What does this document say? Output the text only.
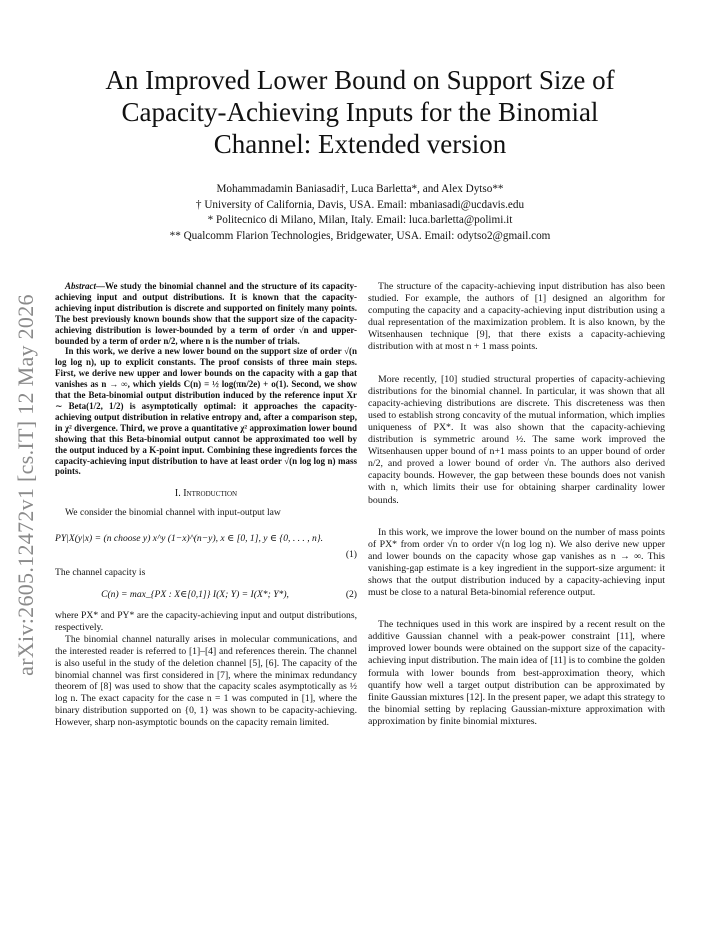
arXiv:2605.12472v1 [cs.IT] 12 May 2026
An Improved Lower Bound on Support Size of Capacity-Achieving Inputs for the Binomial Channel: Extended version
Mohammadamin Baniasadi†, Luca Barletta*, and Alex Dytso**
† University of California, Davis, USA. Email: mbaniasadi@ucdavis.edu
* Politecnico di Milano, Milan, Italy. Email: luca.barletta@polimi.it
** Qualcomm Flarion Technologies, Bridgewater, USA. Email: odytso2@gmail.com

Abstract—We study the binomial channel and the structure of its capacity-achieving input and output distributions. It is known that the capacity-achieving input distribution is discrete and supported on finitely many points. The best previously known bounds show that the support size of the capacity-achieving distribution is lower-bounded by a term of order √n and upper-bounded by a term of order n/2, where n is the number of trials.

In this work, we derive a new lower bound on the support size of order √(n log log n), up to explicit constants. The proof consists of three main steps. First, we derive new upper and lower bounds on the capacity with a gap that vanishes as n → ∞, which yields C(n) = ½ log(πn/2e) + o(1). Second, we show that the Beta-binomial output distribution induced by the reference input Xr ∼ Beta(1/2, 1/2) is asymptotically optimal: it approaches the capacity-achieving output distribution in relative entropy and, after a comparison step, in χ² divergence. Third, we prove a quantitative χ² approximation lower bound showing that this Beta-binomial output cannot be approximated too well by the output induced by a K-point input. Combining these ingredients forces the capacity-achieving input distribution to have at least order √(n log log n) mass points.

I. Introduction

We consider the binomial channel with input-output law

PY|X(y|x) = (n choose y) x^y (1−x)^(n−y), x ∈ [0, 1], y ∈ {0, . . . , n}.
(1)

The channel capacity is

C(n) = max_{PX : X∈[0,1]} I(X; Y) = I(X*; Y*),	(2)

where PX* and PY* are the capacity-achieving input and output distributions, respectively.

The binomial channel naturally arises in molecular communications, and the interested reader is referred to [1]–[4] and references therein. The channel is also useful in the study of the deletion channel [5], [6]. The capacity of the binomial channel was first considered in [7], where the minimax redundancy theorem of [8] was used to show that the capacity scales asymptotically as ½ log n. The exact capacity for the case n = 1 was computed in [1], where the binary distribution supported on {0, 1} was shown to be capacity-achieving. However, sharp non-asymptotic bounds on the capacity remain limited.

The structure of the capacity-achieving input distribution has also been studied. For example, the authors of [1] designed an algorithm for computing the capacity and a capacity-achieving input distribution using a dual representation of the maximization problem. It is also known, by the Witsenhausen technique [9], that there exists a capacity-achieving distribution with at most n + 1 mass points.

More recently, [10] studied structural properties of capacity-achieving distributions for the binomial channel. In particular, it was shown that all capacity-achieving distributions are discrete. This discreteness was then used to establish strong concavity of the mutual information, which implies uniqueness of PX*. It was also shown that the capacity-achieving distribution is symmetric around ½. The same work improved the Witsenhausen upper bound of n+1 mass points to an upper bound of order n/2, and proved a lower bound of order √n. The authors also derived capacity bounds. However, the gap between these bounds does not vanish with n, which limits their use for obtaining sharper cardinality lower bounds.

In this work, we improve the lower bound on the number of mass points of PX* from order √n to order √(n log log n). We also derive new upper and lower bounds on the capacity whose gap vanishes as n → ∞. This vanishing-gap estimate is a key ingredient in the support-size argument: it shows that the output distribution induced by a capacity-achieving input must be close to a natural Beta-binomial reference output.

The techniques used in this work are inspired by a recent result on the additive Gaussian channel with a peak-power constraint [11], where improved lower bounds were obtained on the support size of the capacity-achieving input distribution. The main idea of [11] is to combine the golden formula with lower bounds from best-approximation theory, which quantify how well a target output distribution can be approximated by finite Gaussian mixtures [12]. In the present paper, we adapt this strategy to the binomial setting by replacing Gaussian-mixture approximation with approximation by finite binomial mixtures.
